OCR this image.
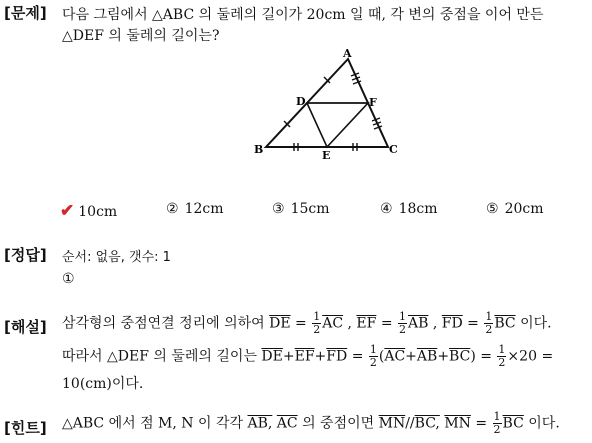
[문제] 다음 그림에서 △ABC 의 둘레의 길이가 20cm 일 때, 각 변의 중점을 이어 만든
△DEF 의 둘레의 길이는?
A
B	C
D
E
F
✔ 10cm	② 12cm	③ 15cm	④ 18cm	⑤ 20cm
[정답] 순서: 없음, 갯수: 1
①
[해설] 삼각형의 중점연결 정리에 의하여 $\overline{DE} = \frac{1}{2} \overline{AC}$ , $\overline{EF} = \frac{1}{2} \overline{AB}$ , $\overline{FD} = \frac{1}{2} \overline{BC}$ 이다.
따라서 △DEF 의 둘레의 길이는 $\overline{DE}+\overline{EF}+\overline{FD} = \frac{1}{2} (\overline{AC}+\overline{AB}+\overline{BC}) = \frac{1}{2} \times 20$ =
10(cm)이다.
[힌트] △ABC 에서 점 M, N 이 각각 AB, $\overline{AC}$ 의 중점이면 $\overline{MN}//BC$, $\overline{MN} = \frac{1}{2} \overline{BC}$ 이다.
